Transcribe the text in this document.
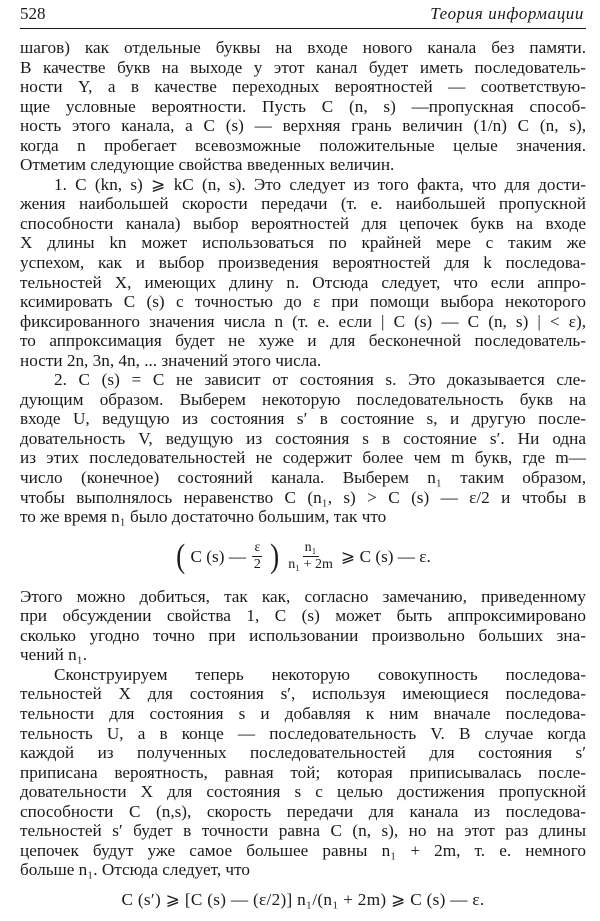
528	Теория информации
шагов) как отдельные буквы на входе нового канала без памяти.
В качестве букв на выходе y этот канал будет иметь последователь-
ности Y, а в качестве переходных вероятностей — соответствую-
щие условные вероятности. Пусть C (n, s) —пропускная способ-
ность этого канала, а C (s) — верхняя грань величин (1/n) C (n, s),
когда n пробегает всевозможные положительные целые значения.
Отметим следующие свойства введенных величин.
1. C (kn, s) ⩾ kC (n, s). Это следует из того факта, что для дости-
жения наибольшей скорости передачи (т. е. наибольшей пропускной
способности канала) выбор вероятностей для цепочек букв на входе
X длины kn может использоваться по крайней мере с таким же
успехом, как и выбор произведения вероятностей для k последова-
тельностей X, имеющих длину n. Отсюда следует, что если аппро-
ксимировать C (s) с точностью до ε при помощи выбора некоторого
фиксированного значения числа n (т. е. если | C (s) — C (n, s) | < ε),
то аппроксимация будет не хуже и для бесконечной последователь-
ности 2n, 3n, 4n, ... значений этого числа.
2. C (s) = C не зависит от состояния s. Это доказывается сле-
дующим образом. Выберем некоторую последовательность букв на
входе U, ведущую из состояния s′ в состояние s, и другую после-
довательность V, ведущую из состояния s в состояние s′. Ни одна
из этих последовательностей не содержит более чем m букв, где m—
число (конечное) состояний канала. Выберем n₁ таким образом,
чтобы выполнялось неравенство C (n₁, s) > C (s) — ε/2 и чтобы в
то же время n₁ было достаточно большим, так что
( C (s) — $\frac{\varepsilon}{2}$ ) $\frac{\text{n₁}}{\text{n₁ + 2m}}$ ⩾ C (s) — ε.
Этого можно добиться, так как, согласно замечанию, приведенному
при обсуждении свойства 1, C (s) может быть аппроксимировано
сколько угодно точно при использовании произвольно больших зна-
чений n₁.
Сконструируем теперь некоторую совокупность последова-
тельностей X для состояния s′, используя имеющиеся последова-
тельности для состояния s и добавляя к ним вначале последова-
тельность U, а в конце — последовательность V. В случае когда
каждой из полученных последовательностей для состояния s′
приписана вероятность, равная той; которая приписывалась после-
довательности X для состояния s с целью достижения пропускной
способности C (n,s), скорость передачи для канала из последова-
тельностей s′ будет в точности равна C (n, s), но на этот раз длины
цепочек будут уже самое большее равны n₁ + 2m, т. е. немного
больше n₁. Отсюда следует, что
C (s′) ⩾ [C (s) — (ε/2)] n₁/(n₁ + 2m) ⩾ C (s) — ε.
